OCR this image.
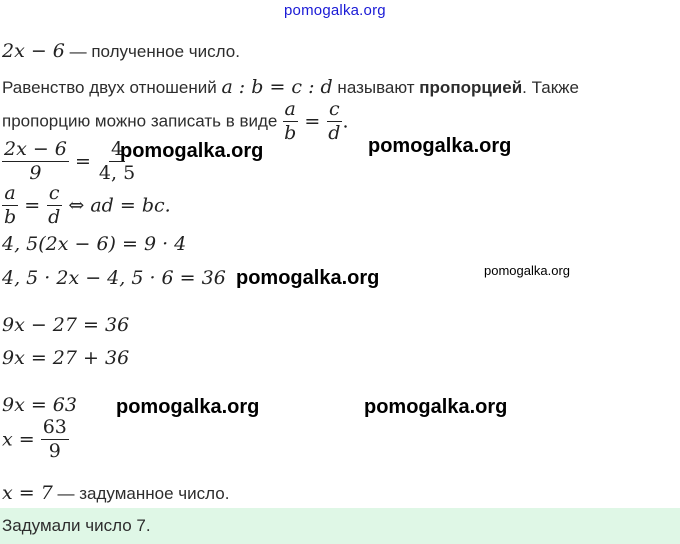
pomogalka.org
2x − 6 — полученное число.
Равенство двух отношений a : b = c : d называют пропорцией. Также
пропорцию можно записать в виде $\frac{a}{b} = \frac{c}{d}$ .
$\frac{2x - 6}{9} = \frac{4}{4, 5}$
$\frac{a}{b} = \frac{c}{d}$ ⇔ ad = bc.
4, 5(2x − 6) = 9 · 4
4, 5 · 2x − 4, 5 · 6 = 36
9x − 27 = 36
9x = 27 + 36
9x = 63
$x = \frac{63}{9}$
x = 7 — задуманное число.
Задумали число 7.
pomogalka.org	pomogalka.org
pomogalka.org	pomogalka.org
pomogalka.org	pomogalka.org
